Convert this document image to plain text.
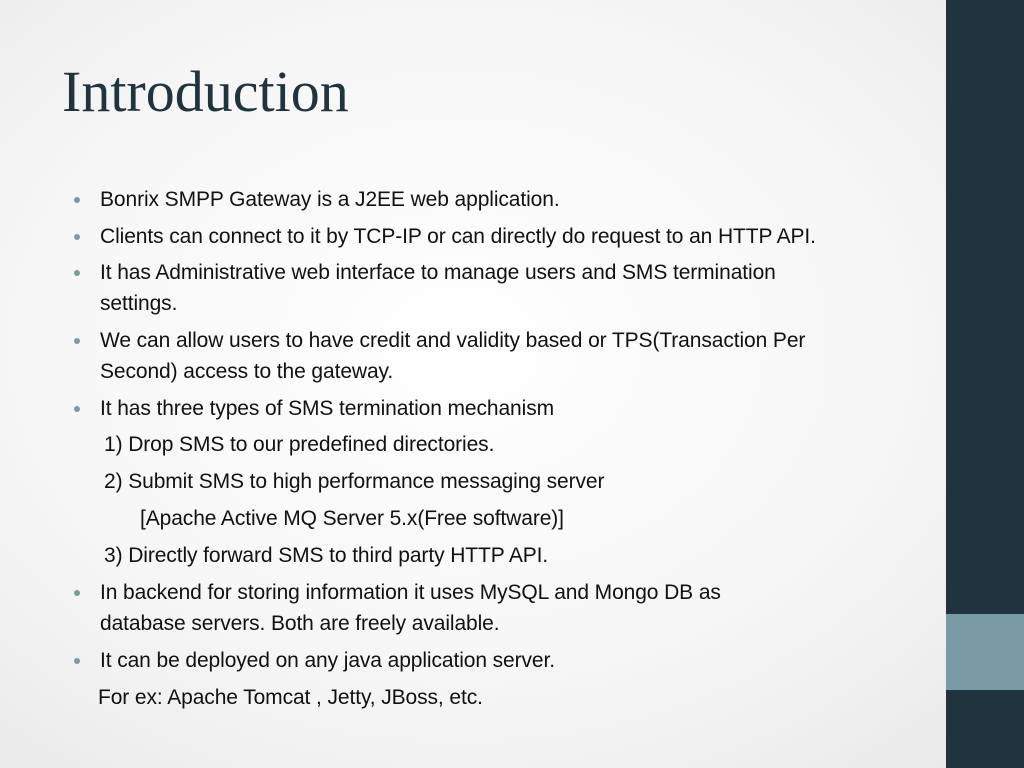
Introduction
Bonrix SMPP Gateway is a J2EE web application.
Clients can connect to it by TCP-IP or can directly do request to an HTTP API.
It has Administrative web interface to manage users and SMS termination
settings.
We can allow users to have credit and validity based or TPS(Transaction Per
Second) access to the gateway.
It has three types of SMS termination mechanism
1) Drop SMS to our predefined directories.
2) Submit SMS to high performance messaging server
[Apache Active MQ Server 5.x(Free software)]
3) Directly forward SMS to third party HTTP API.
In backend for storing information it uses MySQL and Mongo DB as
database servers. Both are freely available.
It can be deployed on any java application server.
For ex: Apache Tomcat , Jetty, JBoss, etc.
